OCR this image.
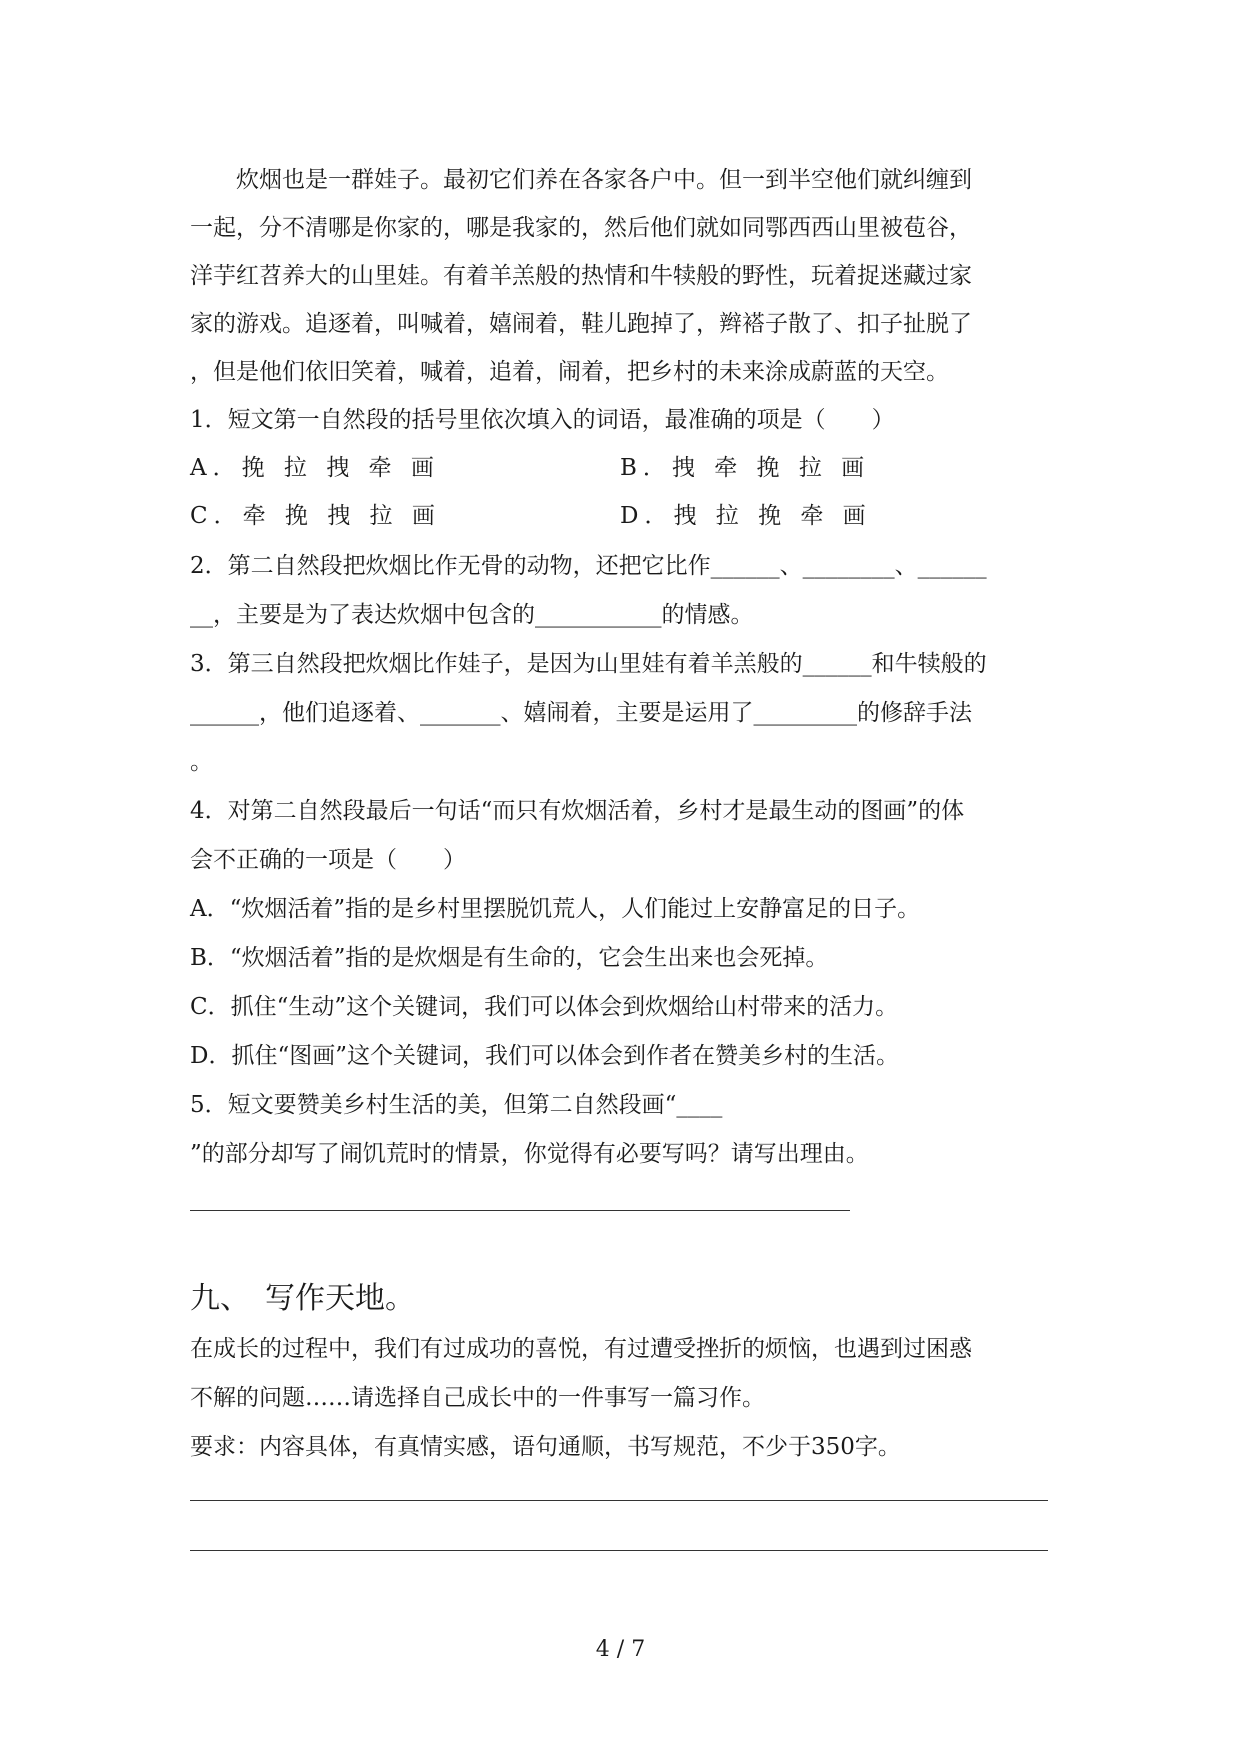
　　炊烟也是一群娃子。最初它们养在各家各户中。但一到半空他们就纠缠到
一起，分不清哪是你家的，哪是我家的，然后他们就如同鄂西西山里被苞谷，
洋芋红苕养大的山里娃。有着羊羔般的热情和牛犊般的野性，玩着捉迷藏过家
家的游戏。追逐着，叫喊着，嬉闹着，鞋儿跑掉了，辫褡子散了、扣子扯脱了
，但是他们依旧笑着，喊着，追着，闹着，把乡村的未来涂成蔚蓝的天空。
1．短文第一自然段的括号里依次填入的词语，最准确的项是（　　）
A．挽 拉 拽 牵 画	B．拽 牵 挽 拉 画
C．牵 挽 拽 拉 画	D．拽 拉 挽 牵 画
2．第二自然段把炊烟比作无骨的动物，还把它比作______、________、______
__，主要是为了表达炊烟中包含的___________的情感。
3．第三自然段把炊烟比作娃子，是因为山里娃有着羊羔般的______和牛犊般的
______，他们追逐着、_______、嬉闹着，主要是运用了_________的修辞手法
。
4．对第二自然段最后一句话“而只有炊烟活着，乡村才是最生动的图画”的体
会不正确的一项是（　　）
A．“炊烟活着”指的是乡村里摆脱饥荒人，人们能过上安静富足的日子。
B．“炊烟活着”指的是炊烟是有生命的，它会生出来也会死掉。
C．抓住“生动”这个关键词，我们可以体会到炊烟给山村带来的活力。
D．抓住“图画”这个关键词，我们可以体会到作者在赞美乡村的生活。
5．短文要赞美乡村生活的美，但第二自然段画“____
”的部分却写了闹饥荒时的情景，你觉得有必要写吗？请写出理由。
九、　写作天地。
在成长的过程中，我们有过成功的喜悦，有过遭受挫折的烦恼，也遇到过困惑
不解的问题……请选择自己成长中的一件事写一篇习作。
要求：内容具体，有真情实感，语句通顺，书写规范，不少于350字。
4 / 7
